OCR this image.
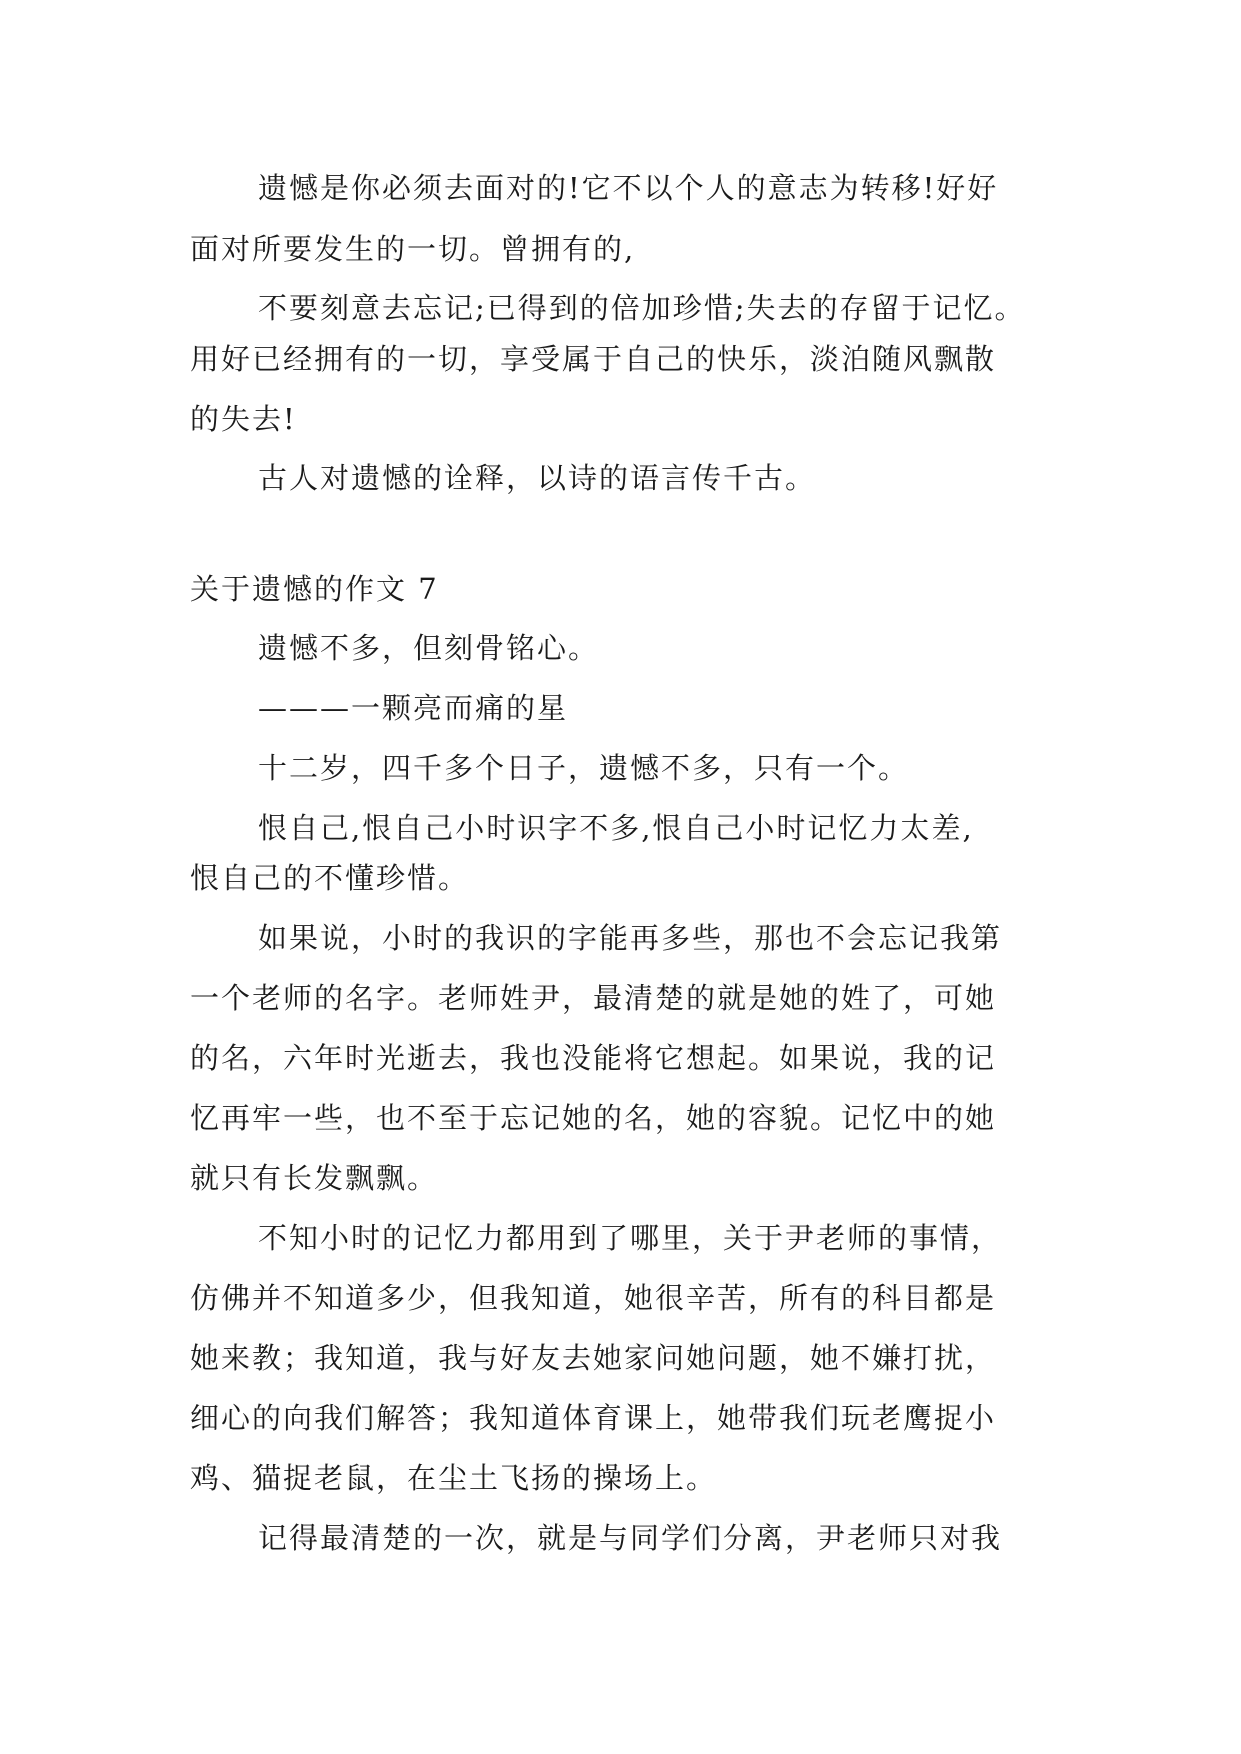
遗憾是你必须去面对的!它不以个人的意志为转移!好好
面对所要发生的一切。曾拥有的,
不要刻意去忘记;已得到的倍加珍惜;失去的存留于记忆。
用好已经拥有的一切，享受属于自己的快乐，淡泊随风飘散
的失去!
古人对遗憾的诠释，以诗的语言传千古。
关于遗憾的作文 7
遗憾不多，但刻骨铭心。
———一颗亮而痛的星
十二岁，四千多个日子，遗憾不多，只有一个。
恨自己,恨自己小时识字不多,恨自己小时记忆力太差,
恨自己的不懂珍惜。
如果说，小时的我识的字能再多些，那也不会忘记我第
一个老师的名字。老师姓尹，最清楚的就是她的姓了，可她
的名，六年时光逝去，我也没能将它想起。如果说，我的记
忆再牢一些，也不至于忘记她的名，她的容貌。记忆中的她
就只有长发飘飘。
不知小时的记忆力都用到了哪里，关于尹老师的事情，
仿佛并不知道多少，但我知道，她很辛苦，所有的科目都是
她来教；我知道，我与好友去她家问她问题，她不嫌打扰，
细心的向我们解答；我知道体育课上，她带我们玩老鹰捉小
鸡、猫捉老鼠，在尘土飞扬的操场上。
记得最清楚的一次，就是与同学们分离，尹老师只对我
